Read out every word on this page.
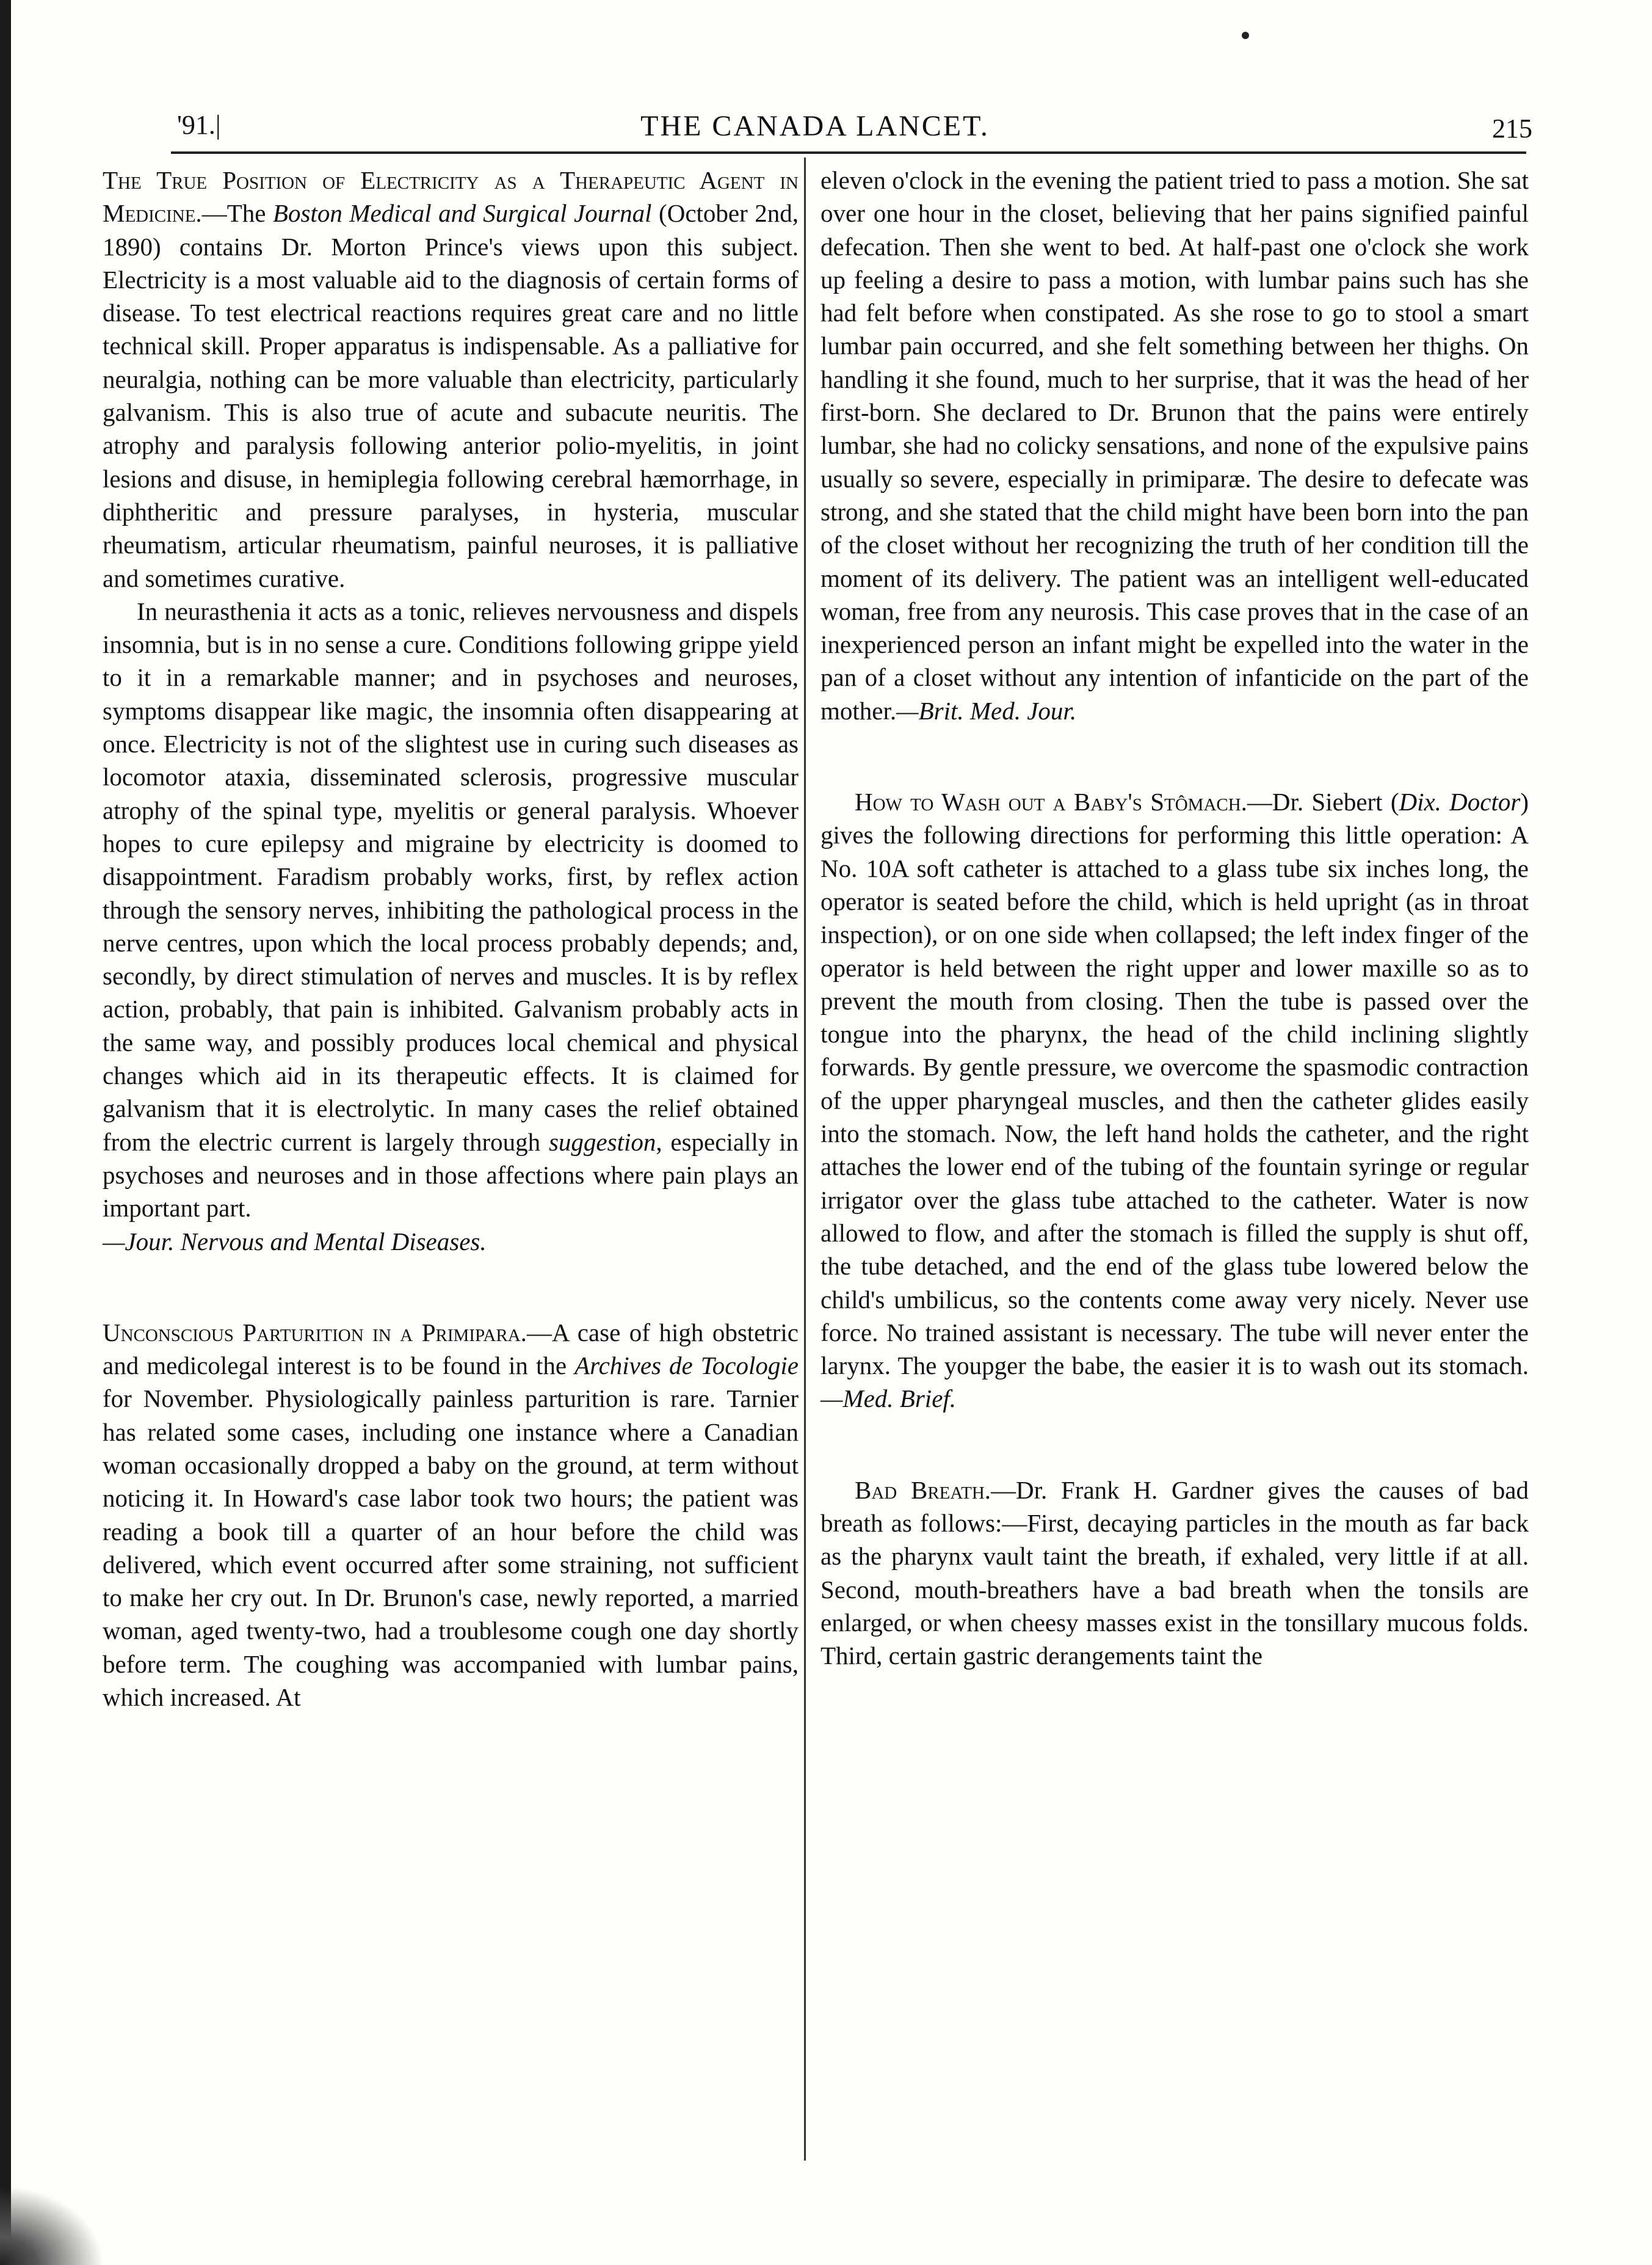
'91.|	THE CANADA LANCET.	215

The True Position of Electricity as a Therapeutic Agent in Medicine.—The Boston Medical and Surgical Journal (October 2nd, 1890) contains Dr. Morton Prince's views upon this subject. Electricity is a most valuable aid to the diagnosis of certain forms of disease. To test electrical reactions requires great care and no little technical skill. Proper apparatus is indispensable. As a palliative for neuralgia, nothing can be more valuable than electricity, particularly galvanism. This is also true of acute and subacute neuritis. The atrophy and paralysis following anterior polio-myelitis, in joint lesions and disuse, in hemiplegia following cerebral hæmorrhage, in diphtheritic and pressure paralyses, in hysteria, muscular rheumatism, articular rheumatism, painful neuroses, it is palliative and sometimes curative.

In neurasthenia it acts as a tonic, relieves nervousness and dispels insomnia, but is in no sense a cure. Conditions following grippe yield to it in a remarkable manner; and in psychoses and neuroses, symptoms disappear like magic, the insomnia often disappearing at once. Electricity is not of the slightest use in curing such diseases as locomotor ataxia, disseminated sclerosis, progressive muscular atrophy of the spinal type, myelitis or general paralysis. Whoever hopes to cure epilepsy and migraine by electricity is doomed to disappointment. Faradism probably works, first, by reflex action through the sensory nerves, inhibiting the pathological process in the nerve centres, upon which the local process probably depends; and, secondly, by direct stimulation of nerves and muscles. It is by reflex action, probably, that pain is inhibited. Galvanism probably acts in the same way, and possibly produces local chemical and physical changes which aid in its therapeutic effects. It is claimed for galvanism that it is electrolytic. In many cases the relief obtained from the electric current is largely through suggestion, especially in psychoses and neuroses and in those affections where pain plays an important part.

—Jour. Nervous and Mental Diseases.

Unconscious Parturition in a Primipara.—A case of high obstetric and medicolegal interest is to be found in the Archives de Tocologie for November. Physiologically painless parturition is rare. Tarnier has related some cases, including one instance where a Canadian woman occasionally dropped a baby on the ground, at term without noticing it. In Howard's case labor took two hours; the patient was reading a book till a quarter of an hour before the child was delivered, which event occurred after some straining, not sufficient to make her cry out. In Dr. Brunon's case, newly reported, a married woman, aged twenty-two, had a troublesome cough one day shortly before term. The coughing was accompanied with lumbar pains, which increased. At

eleven o'clock in the evening the patient tried to pass a motion. She sat over one hour in the closet, believing that her pains signified painful defecation. Then she went to bed. At half-past one o'clock she work up feeling a desire to pass a motion, with lumbar pains such has she had felt before when constipated. As she rose to go to stool a smart lumbar pain occurred, and she felt something between her thighs. On handling it she found, much to her surprise, that it was the head of her first-born. She declared to Dr. Brunon that the pains were entirely lumbar, she had no colicky sensations, and none of the expulsive pains usually so severe, especially in primiparæ. The desire to defecate was strong, and she stated that the child might have been born into the pan of the closet without her recognizing the truth of her condition till the moment of its delivery. The patient was an intelligent well-educated woman, free from any neurosis. This case proves that in the case of an inexperienced person an infant might be expelled into the water in the pan of a closet without any intention of infanticide on the part of the mother.—Brit. Med. Jour.

How to Wash out a Baby's Stômach.—Dr. Siebert (Dix. Doctor) gives the following directions for performing this little operation: A No. 10A soft catheter is attached to a glass tube six inches long, the operator is seated before the child, which is held upright (as in throat inspection), or on one side when collapsed; the left index finger of the operator is held between the right upper and lower maxille so as to prevent the mouth from closing. Then the tube is passed over the tongue into the pharynx, the head of the child inclining slightly forwards. By gentle pressure, we overcome the spasmodic contraction of the upper pharyngeal muscles, and then the catheter glides easily into the stomach. Now, the left hand holds the catheter, and the right attaches the lower end of the tubing of the fountain syringe or regular irrigator over the glass tube attached to the catheter. Water is now allowed to flow, and after the stomach is filled the supply is shut off, the tube detached, and the end of the glass tube lowered below the child's umbilicus, so the contents come away very nicely. Never use force. No trained assistant is necessary. The tube will never enter the larynx. The youpger the babe, the easier it is to wash out its stomach.—Med. Brief.

Bad Breath.—Dr. Frank H. Gardner gives the causes of bad breath as follows:—First, decaying particles in the mouth as far back as the pharynx vault taint the breath, if exhaled, very little if at all. Second, mouth-breathers have a bad breath when the tonsils are enlarged, or when cheesy masses exist in the tonsillary mucous folds. Third, certain gastric derangements taint the
